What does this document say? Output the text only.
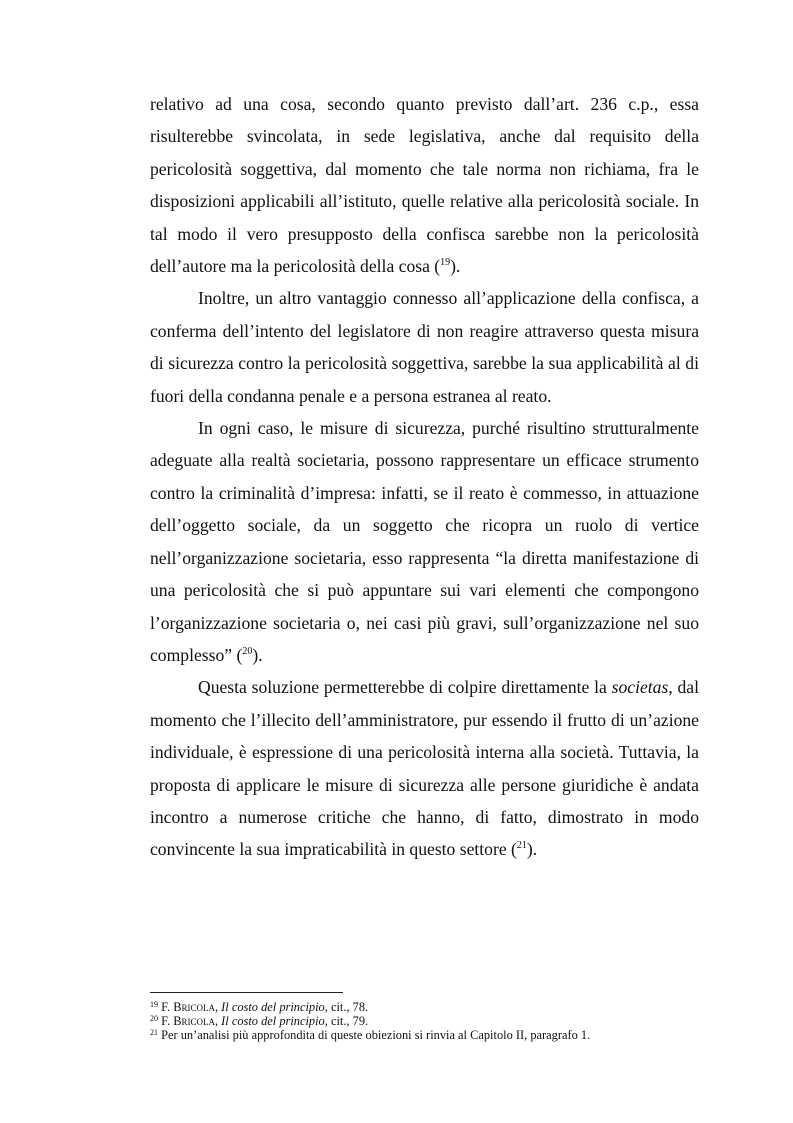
relativo ad una cosa, secondo quanto previsto dall’art. 236 c.p., essa risulterebbe svincolata, in sede legislativa, anche dal requisito della pericolosità soggettiva, dal momento che tale norma non richiama, fra le disposizioni applicabili all’istituto, quelle relative alla pericolosità sociale. In tal modo il vero presupposto della confisca sarebbe non la pericolosità dell’autore ma la pericolosità della cosa ($^{19}$).

Inoltre, un altro vantaggio connesso all’applicazione della confisca, a conferma dell’intento del legislatore di non reagire attraverso questa misura di sicurezza contro la pericolosità soggettiva, sarebbe la sua applicabilità al di fuori della condanna penale e a persona estranea al reato.

In ogni caso, le misure di sicurezza, purché risultino strutturalmente adeguate alla realtà societaria, possono rappresentare un efficace strumento contro la criminalità d’impresa: infatti, se il reato è commesso, in attuazione dell’oggetto sociale, da un soggetto che ricopra un ruolo di vertice nell’organizzazione societaria, esso rappresenta “la diretta manifestazione di una pericolosità che si può appuntare sui vari elementi che compongono l’organizzazione societaria o, nei casi più gravi, sull’organizzazione nel suo complesso” ($^{20}$).

Questa soluzione permetterebbe di colpire direttamente la societas, dal momento che l’illecito dell’amministratore, pur essendo il frutto di un’azione individuale, è espressione di una pericolosità interna alla società. Tuttavia, la proposta di applicare le misure di sicurezza alle persone giuridiche è andata incontro a numerose critiche che hanno, di fatto, dimostrato in modo convincente la sua impraticabilità in questo settore ($^{21}$).

$^{19}$ F. Bricola, Il costo del principio, cit., 78.

$^{20}$ F. Bricola, Il costo del principio, cit., 79.

$^{21}$ Per un’analisi più approfondita di queste obiezioni si rinvia al Capitolo II, paragrafo 1.
